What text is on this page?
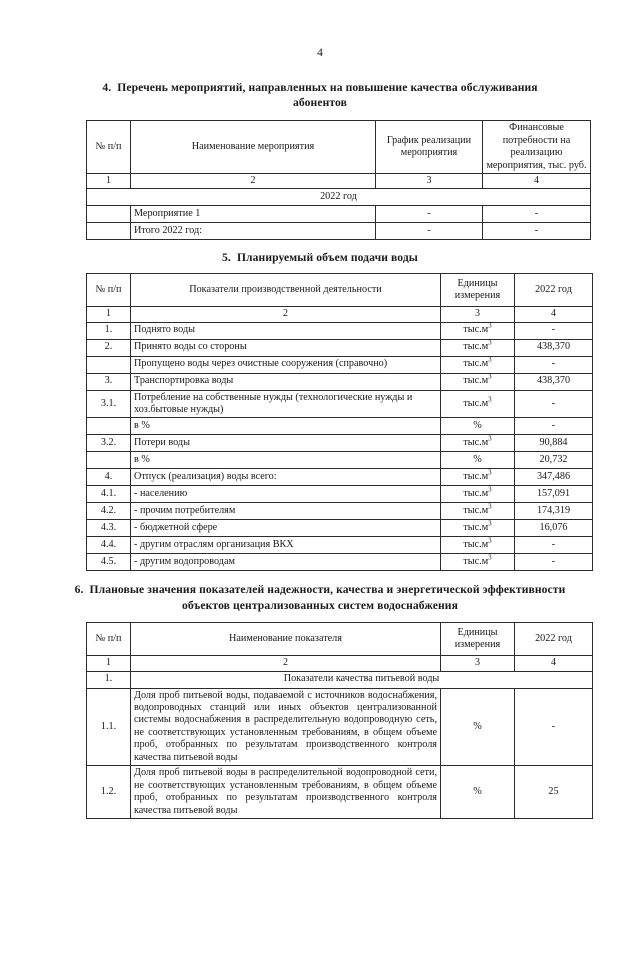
4
4. Перечень мероприятий, направленных на повышение качества обслуживания абонентов
№ п/п	Наименование мероприятия	График реализации мероприятия	Финансовые потребности на реализацию мероприятия, тыс. руб.
1	2	3	4
2022 год			
	Мероприятие 1	-	-
	Итого 2022 год:	-	-
5. Планируемый объем подачи воды
№ п/п	Показатели производственной деятельности	Единицы измерения	2022 год
1	2	3	4
1.	Поднято воды	$тыс.м^3$	-
2.	Принято воды со стороны	$тыс.м^3$	438,370
	Пропущено воды через очистные сооружения (справочно)	$тыс.м^3$	-
3.	Транспортировка воды	$тыс.м^3$	438,370
3.1.	Потребление на собственные нужды (технологические нужды и хоз.бытовые нужды)	$тыс.м^3$	-
	в %	%	-
3.2.	Потери воды	$тыс.м^3$	90,884
	в %	%	20,732
4.	Отпуск (реализация) воды всего:	$тыс.м^3$	347,486
4.1.	- населению	$тыс.м^3$	157,091
4.2.	- прочим потребителям	$тыс.м^3$	174,319
4.3.	- бюджетной сфере	$тыс.м^3$	16,076
4.4.	- другим отраслям организация ВКХ	$тыс.м^3$	-
4.5.	- другим водопроводам	$тыс.м^3$	-
6. Плановые значения показателей надежности, качества и энергетической эффективности объектов централизованных систем водоснабжения
№ п/п	Наименование показателя	Единицы измерения	2022 год
1	2	3	4
1.	Показатели качества питьевой воды		
1.1.	Доля проб питьевой воды, подаваемой с источников водоснабжения, водопроводных станций или иных объектов централизованной системы водоснабжения в распределительную водопроводную сеть, не соответствующих установленным требованиям, в общем объеме проб, отобранных по результатам производственного контроля качества питьевой воды	%	-
1.2.	Доля проб питьевой воды в распределительной водопроводной сети, не соответствующих установленным требованиям, в общем объеме проб, отобранных по результатам производственного контроля качества питьевой воды	%	25
